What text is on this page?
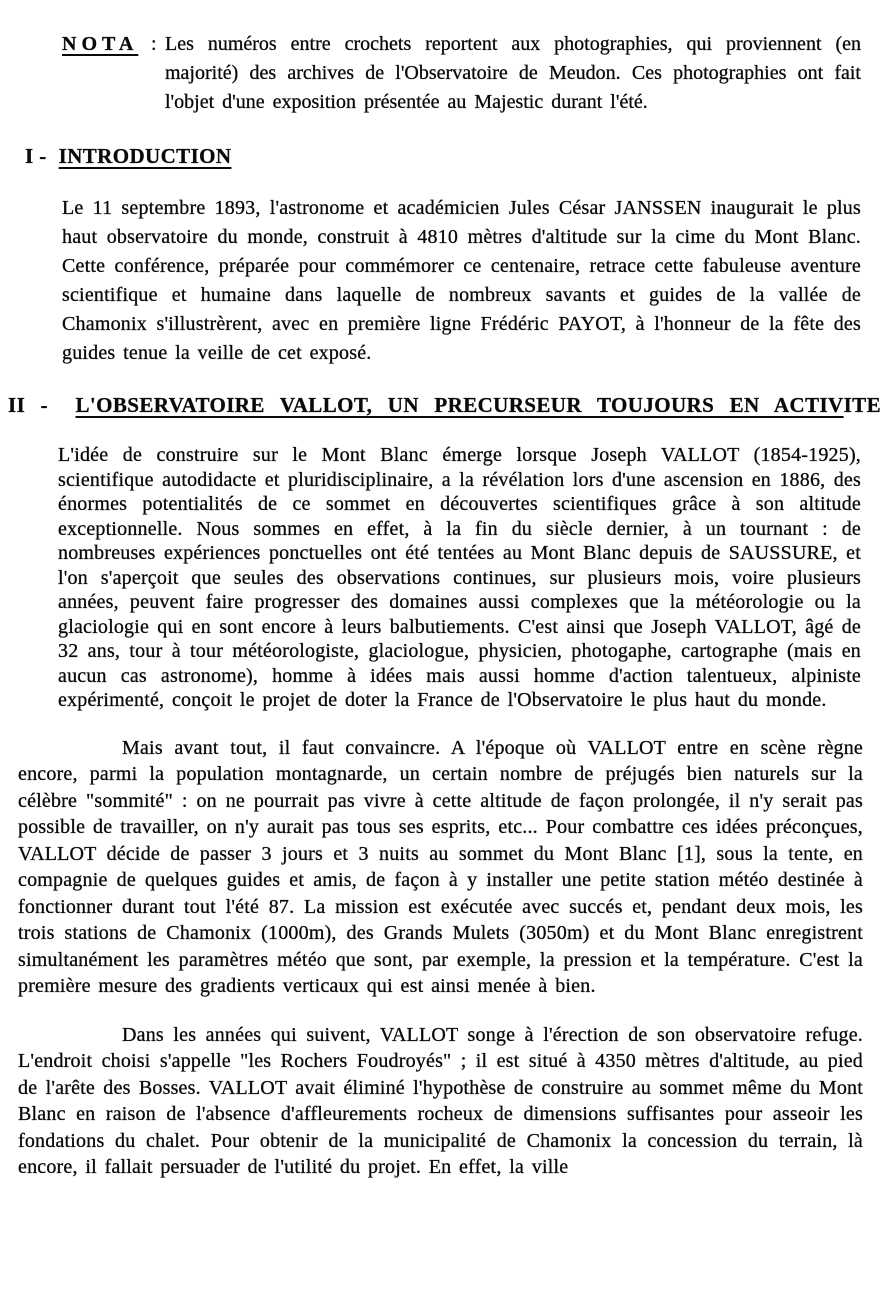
NOTA : Les numéros entre crochets reportent aux photographies, qui proviennent (en majorité) des archives de l'Observatoire de Meudon. Ces photographies ont fait l'objet d'une exposition présentée au Majestic durant l'été.
I - INTRODUCTION

Le 11 septembre 1893, l'astronome et académicien Jules César JANSSEN inaugurait le plus haut observatoire du monde, construit à 4810 mètres d'altitude sur la cime du Mont Blanc. Cette conférence, préparée pour commémorer ce centenaire, retrace cette fabuleuse aventure scientifique et humaine dans laquelle de nombreux savants et guides de la vallée de Chamonix s'illustrèrent, avec en première ligne Frédéric PAYOT, à l'honneur de la fête des guides tenue la veille de cet exposé.

II - L'OBSERVATOIRE VALLOT, UN PRECURSEUR TOUJOURS EN ACTIVITE

L'idée de construire sur le Mont Blanc émerge lorsque Joseph VALLOT (1854-1925), scientifique autodidacte et pluridisciplinaire, a la révélation lors d'une ascension en 1886, des énormes potentialités de ce sommet en découvertes scientifiques grâce à son altitude exceptionnelle. Nous sommes en effet, à la fin du siècle dernier, à un tournant : de nombreuses expériences ponctuelles ont été tentées au Mont Blanc depuis de SAUSSURE, et l'on s'aperçoit que seules des observations continues, sur plusieurs mois, voire plusieurs années, peuvent faire progresser des domaines aussi complexes que la météorologie ou la glaciologie qui en sont encore à leurs balbutiements. C'est ainsi que Joseph VALLOT, âgé de 32 ans, tour à tour météorologiste, glaciologue, physicien, photogaphe, cartographe (mais en aucun cas astronome), homme à idées mais aussi homme d'action talentueux, alpiniste expérimenté, conçoit le projet de doter la France de l'Observatoire le plus haut du monde.

Mais avant tout, il faut convaincre. A l'époque où VALLOT entre en scène règne encore, parmi la population montagnarde, un certain nombre de préjugés bien naturels sur la célèbre "sommité" : on ne pourrait pas vivre à cette altitude de façon prolongée, il n'y serait pas possible de travailler, on n'y aurait pas tous ses esprits, etc... Pour combattre ces idées préconçues, VALLOT décide de passer 3 jours et 3 nuits au sommet du Mont Blanc [1], sous la tente, en compagnie de quelques guides et amis, de façon à y installer une petite station météo destinée à fonctionner durant tout l'été 87. La mission est exécutée avec succés et, pendant deux mois, les trois stations de Chamonix (1000m), des Grands Mulets (3050m) et du Mont Blanc enregistrent simultanément les paramètres météo que sont, par exemple, la pression et la température. C'est la première mesure des gradients verticaux qui est ainsi menée à bien.

Dans les années qui suivent, VALLOT songe à l'érection de son observatoire refuge. L'endroit choisi s'appelle "les Rochers Foudroyés" ; il est situé à 4350 mètres d'altitude, au pied de l'arête des Bosses. VALLOT avait éliminé l'hypothèse de construire au sommet même du Mont Blanc en raison de l'absence d'affleurements rocheux de dimensions suffisantes pour asseoir les fondations du chalet. Pour obtenir de la municipalité de Chamonix la concession du terrain, là encore, il fallait persuader de l'utilité du projet. En effet, la ville
